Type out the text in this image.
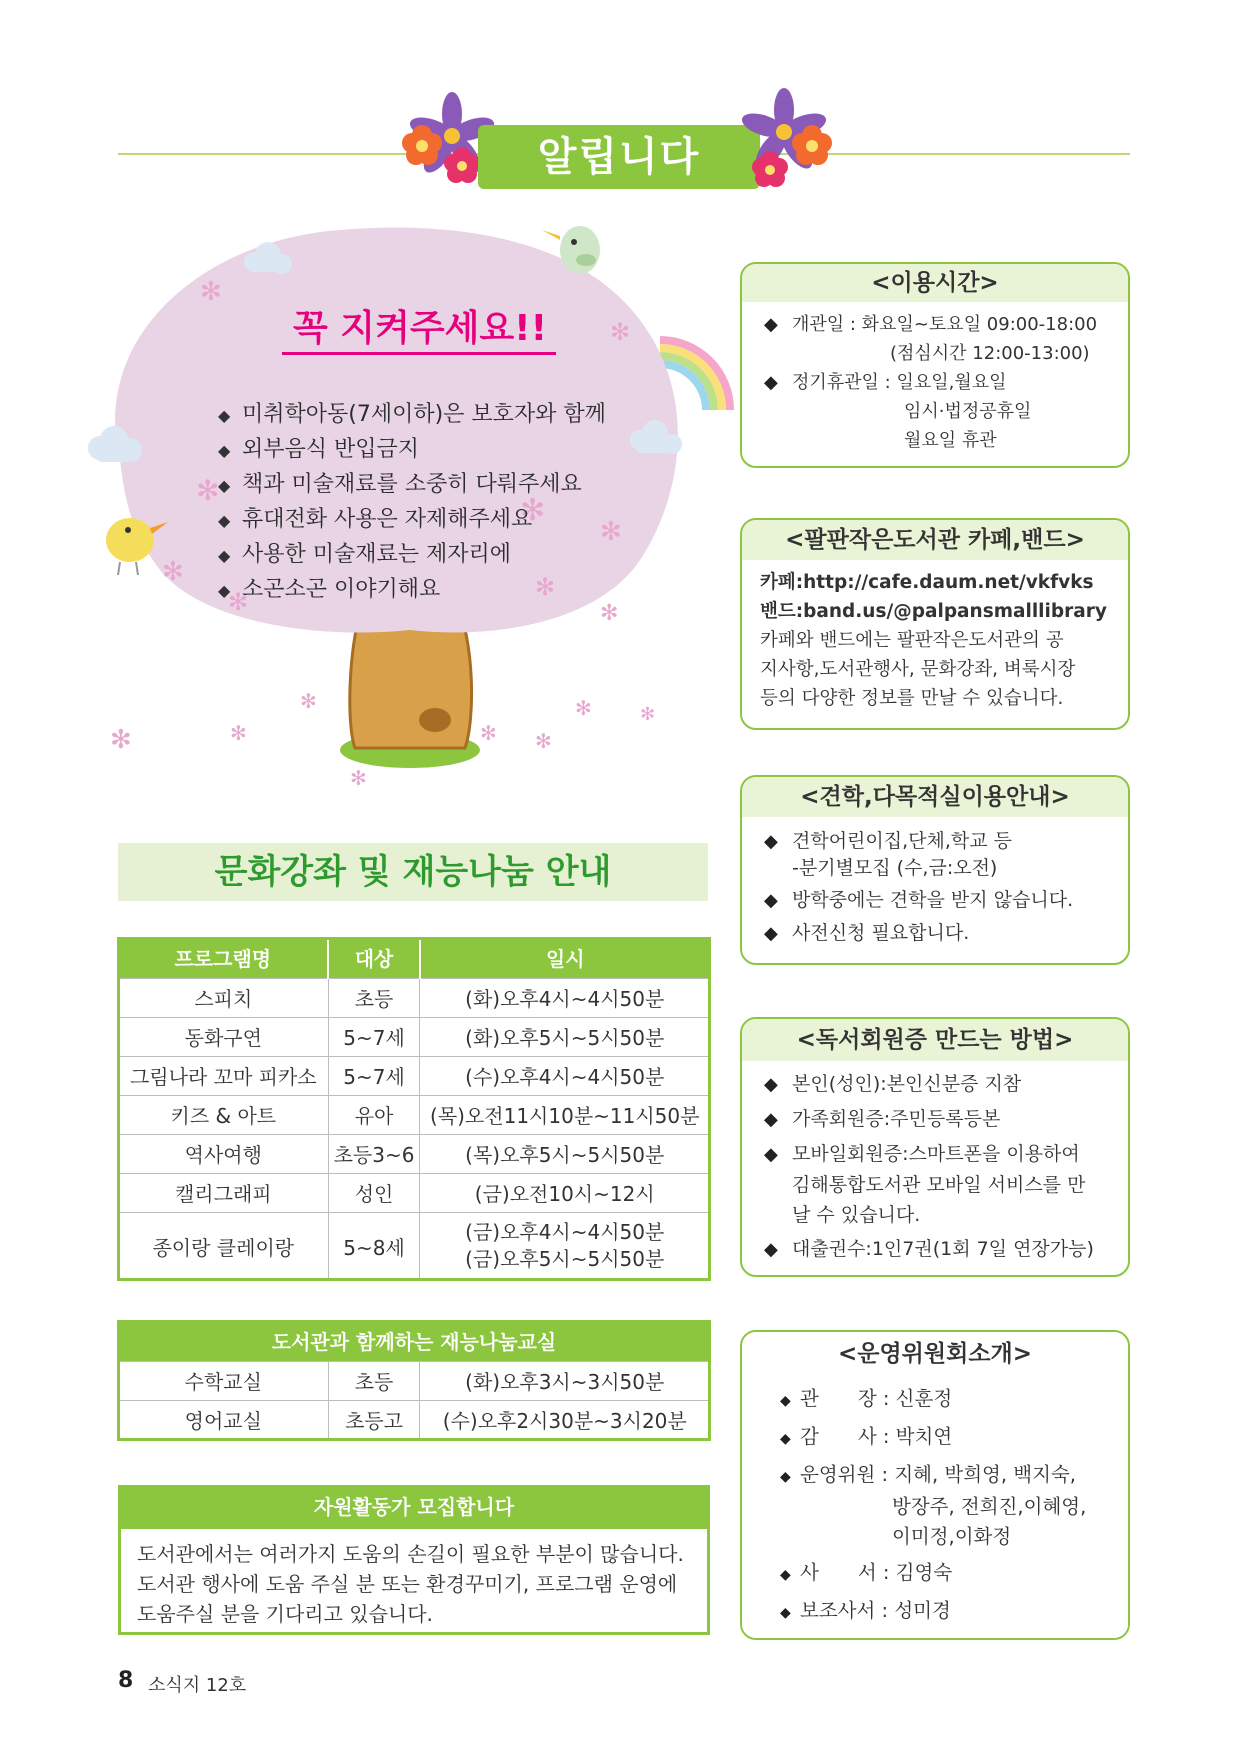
알립니다
✻
✻
✻
✻
✻
✻
✻
✻
✻
✻	✻ ✻
✻	✻
✻
✻
✻
꼭 지켜주세요!!
◆ 미취학아동(7세이하)은 보호자와 함께
◆ 외부음식 반입금지
◆ 책과 미술재료를 소중히 다뤄주세요
◆ 휴대전화 사용은 자제해주세요
◆ 사용한 미술재료는 제자리에
◆ 소곤소곤 이야기해요
<이용시간>
◆ 개관일 : 화요일~토요일 09:00-18:00
(점심시간 12:00-13:00)
◆ 정기휴관일 : 일요일,월요일
임시·법정공휴일
월요일 휴관
<팔판작은도서관 카페,밴드>
카페:http://cafe.daum.net/vkfvks
밴드:band.us/@palpansmalllibrary
카페와 밴드에는 팔판작은도서관의 공
지사항,도서관행사, 문화강좌, 벼룩시장
등의 다양한 정보를 만날 수 있습니다.
<견학,다목적실이용안내>
◆ 견학어린이집,단체,학교 등
-분기별모집 (수,금:오전)
◆ 방학중에는 견학을 받지 않습니다.
◆ 사전신청 필요합니다.
<독서회원증 만드는 방법>
◆ 본인(성인):본인신분증 지참
◆ 가족회원증:주민등록등본
◆ 모바일회원증:스마트폰을 이용하여
김해통합도서관 모바일 서비스를 만
날 수 있습니다.
◆ 대출권수:1인7권(1회 7일 연장가능)
<운영위원회소개>
◆ 관　　장 : 신훈정
◆ 감　　사 : 박치연
◆ 운영위원 : 지혜, 박희영, 백지숙,
방장주, 전희진,이혜영,
이미정,이화정
◆ 사　　서 : 김영숙
◆ 보조사서 : 성미경
문화강좌 및 재능나눔 안내
프로그램명	대상	일시
스피치	초등	(화)오후4시~4시50분
동화구연	5~7세	(화)오후5시~5시50분
그림나라 꼬마 피카소	5~7세	(수)오후4시~4시50분
키즈 & 아트	유아	(목)오전11시10분~11시50분
역사여행	초등3~6	(목)오후5시~5시50분
캘리그래피	성인	(금)오전10시~12시
종이랑 클레이랑	5~8세	(금)오후4시~4시50분
(금)오후5시~5시50분
도서관과 함께하는 재능나눔교실		
수학교실	초등	(화)오후3시~3시50분
영어교실	초등고	(수)오후2시30분~3시20분
자원활동가 모집합니다
도서관에서는 여러가지 도움의 손길이 필요한 부분이 많습니다.
도서관 행사에 도움 주실 분 또는 환경꾸미기, 프로그램 운영에
도움주실 분을 기다리고 있습니다.
8 소식지 12호
